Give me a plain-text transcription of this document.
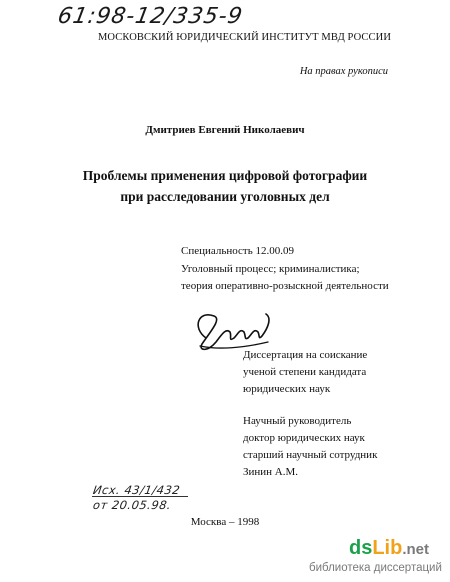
61:98-12/335-9
МОСКОВСКИЙ ЮРИДИЧЕСКИЙ ИНСТИТУТ МВД РОССИИ
На правах рукописи
Дмитриев Евгений Николаевич
Проблемы применения цифровой фотографии
при расследовании уголовных дел
Специальность 12.00.09
Уголовный процесс; криминалистика;
теория оперативно-розыскной деятельности
Диссертация на соискание
ученой степени кандидата
юридических наук
Научный руководитель
доктор юридических наук
старший научный сотрудник
Зинин А.М.
Исх. 43/1/432
от 20.05.98.
Москва – 1998
dsLib.net
библиотека диссертаций
